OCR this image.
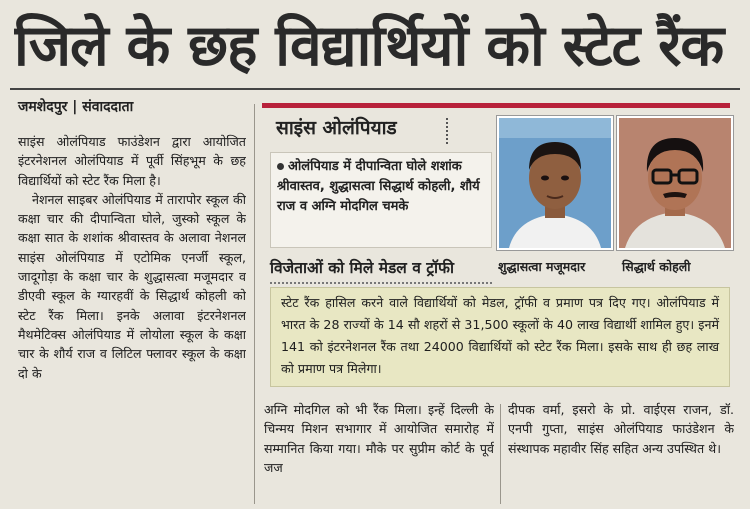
जिले के छह विद्यार्थियों को स्टेट रैंक
जमशेदपुर | संवाददाता

साइंस ओलंपियाड फाउंडेशन द्वारा आयोजित इंटरनेशनल ओलंपियाड में पूर्वी सिंहभूम के छह विद्यार्थियों को स्टेट रैंक मिला है।

नेशनल साइबर ओलंपियाड में तारापोर स्कूल की कक्षा चार की दीपान्विता घोले, जुस्को स्कूल के कक्षा सात के शशांक श्रीवास्तव के अलावा नेशनल साइंस ओलंपियाड में एटोमिक एनर्जी स्कूल, जादूगोड़ा के कक्षा चार के शुद्धासत्वा मजूमदार व डीएवी स्कूल के ग्यारहवीं के सिद्धार्थ कोहली को स्टेट रैंक मिला। इनके अलावा इंटरनेशनल मैथमेटिक्स ओलंपियाड में लोयोला स्कूल के कक्षा चार के शौर्य राज व लिटिल फ्लावर स्कूल के कक्षा दो के

साइंस ओलंपियाड
ओलंपियाड में दीपान्विता घोले शशांक श्रीवास्तव, शुद्धासत्वा सिद्धार्थ कोहली, शौर्य राज व अग्नि मोदगिल चमके
शुद्धासत्वा मजूमदार	सिद्धार्थ कोहली
विजेताओं को मिले मेडल व ट्रॉफी
स्टेट रैंक हासिल करने वाले विद्यार्थियों को मेडल, ट्रॉफी व प्रमाण पत्र दिए गए। ओलंपियाड में भारत के 28 राज्यों के 14 सौ शहरों से 31,500 स्कूलों के 40 लाख विद्यार्थी शामिल हुए। इनमें 141 को इंटरनेशनल रैंक तथा 24000 विद्यार्थियों को स्टेट रैंक मिला। इसके साथ ही छह लाख को प्रमाण पत्र मिलेगा।

अग्नि मोदगिल को भी रैंक मिला। इन्हें दिल्ली के चिन्मय मिशन सभागार में आयोजित समारोह में सम्मानित किया गया। मौके पर सुप्रीम कोर्ट के पूर्व जज

दीपक वर्मा, इसरो के प्रो. वाईएस राजन, डॉ. एनपी गुप्ता, साइंस ओलंपियाड फाउंडेशन के संस्थापक महावीर सिंह सहित अन्य उपस्थित थे।
